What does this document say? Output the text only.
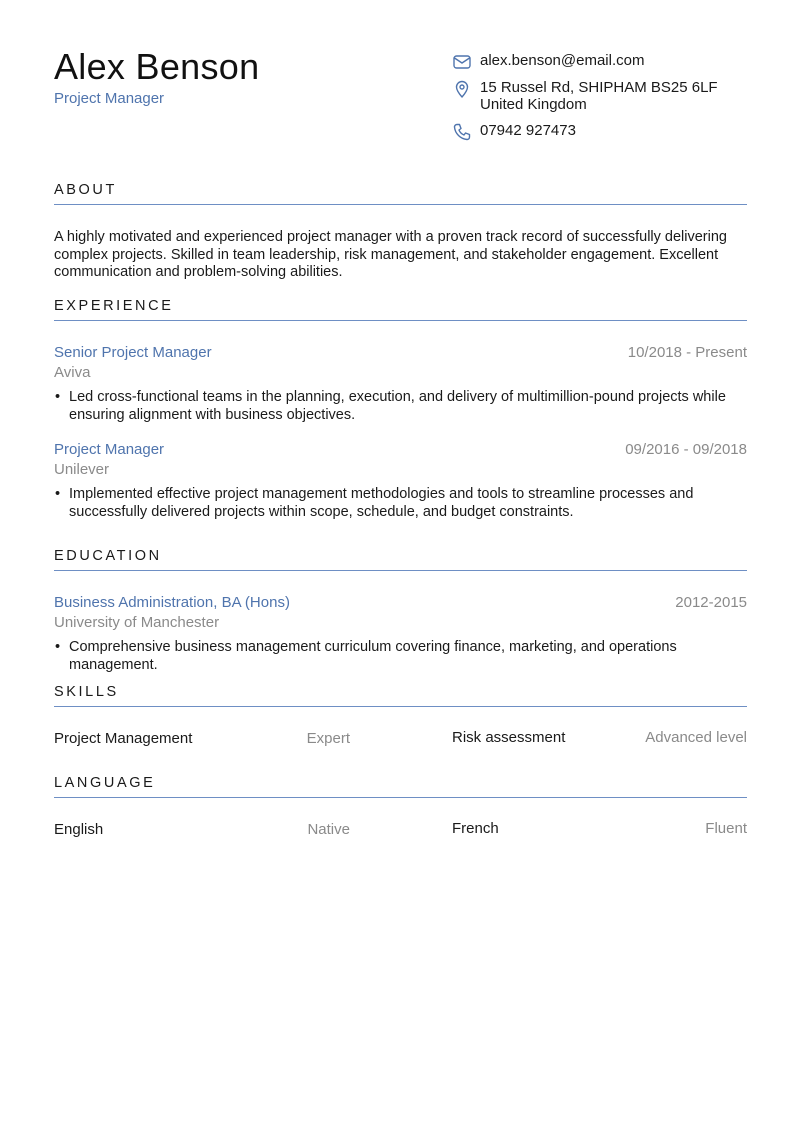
Alex Benson
Project Manager
alex.benson@email.com
15 Russel Rd, SHIPHAM BS25 6LF
United Kingdom
07942 927473
ABOUT
A highly motivated and experienced project manager with a proven track record of successfully delivering complex projects. Skilled in team leadership, risk management, and stakeholder engagement. Excellent communication and problem-solving abilities.
EXPERIENCE
Senior Project Manager	10/2018 - Present
Aviva
• Led cross-functional teams in the planning, execution, and delivery of multimillion-pound projects while ensuring alignment with business objectives.
Project Manager	09/2016 - 09/2018
Unilever
• Implemented effective project management methodologies and tools to streamline processes and successfully delivered projects within scope, schedule, and budget constraints.
EDUCATION
Business Administration, BA (Hons)	2012-2015
University of Manchester
• Comprehensive business management curriculum covering finance, marketing, and operations management.
SKILLS
Project Management	Expert	Risk assessment	Advanced level
LANGUAGE
English	Native	French	Fluent
